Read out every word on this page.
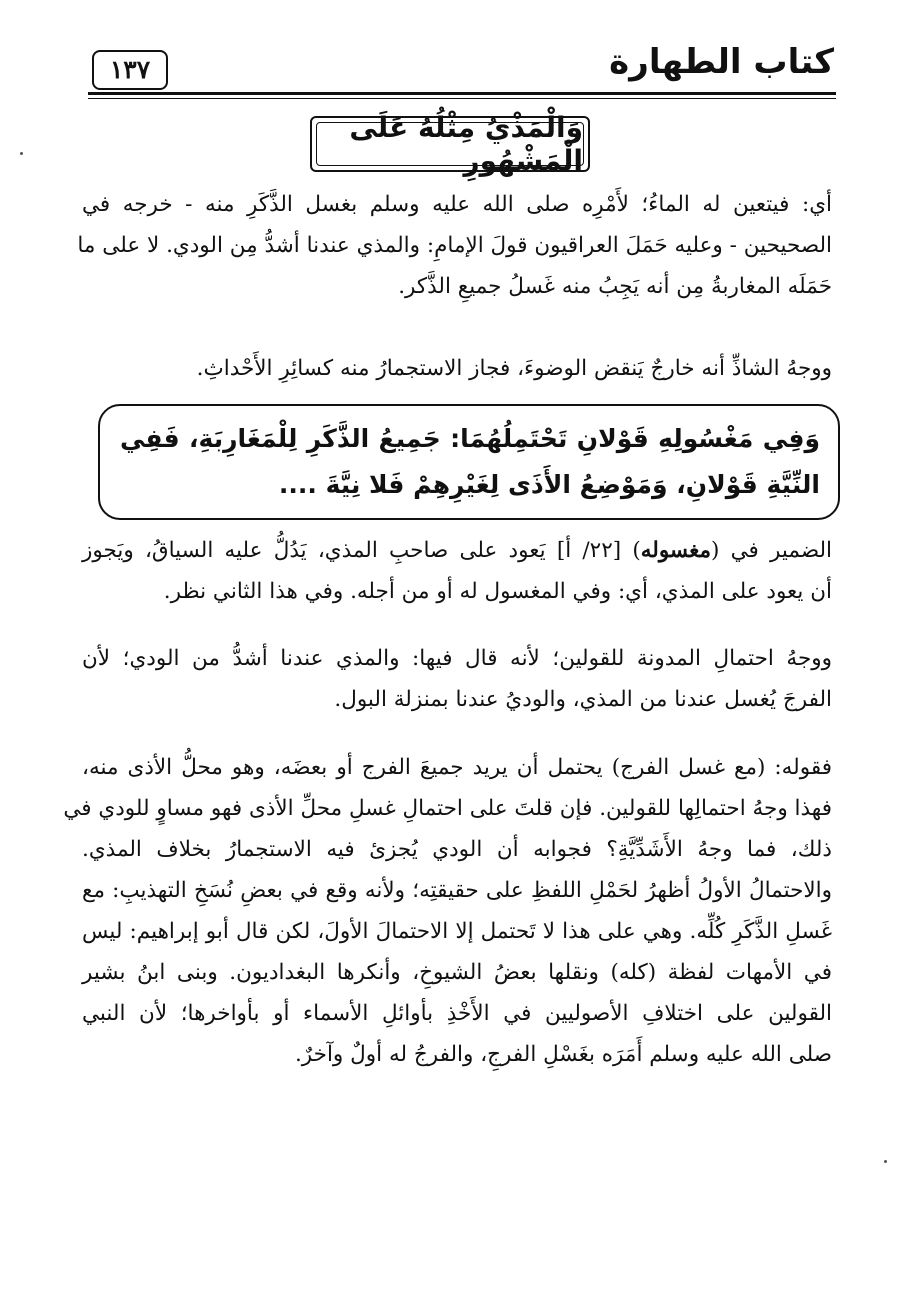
كتاب الطهارة
١٣٧
وَالْمَذْيُ مِثْلُهُ عَلَى الْمَشْهُورِ
أي: فيتعين له الماءُ؛ لأَمْرِه صلى الله عليه وسلم بغسل الذَّكَرِ منه - خرجه في
الصحيحين - وعليه حَمَلَ العراقيون قولَ الإمامِ: والمذي عندنا أشدُّ مِن الودي. لا على ما
حَمَلَه المغاربةُ مِن أنه يَجِبُ منه غَسلُ جميعِ الذَّكر.
ووجهُ الشاذِّ أنه خارجٌ يَنقض الوضوءَ، فجاز الاستجمارُ منه كسائِرِ الأَحْداثِ.
وَفِي مَغْسُولِهِ قَوْلانِ تَحْتَمِلُهُمَا: جَمِيعُ الذَّكَرِ لِلْمَغَارِبَةِ، فَفِي
النِّيَّةِ قَوْلانِ، وَمَوْضِعُ الأَذَى لِغَيْرِهِمْ فَلا نِيَّةَ ....
الضمير في (مغسوله) [٢٢/ أ] يَعود على صاحبِ المذي، يَدُلُّ عليه السياقُ، ويَجوز
أن يعود على المذي، أي: وفي المغسول له أو من أجله. وفي هذا الثاني نظر.
ووجهُ احتمالِ المدونة للقولين؛ لأنه قال فيها: والمذي عندنا أشدُّ من الودي؛ لأن
الفرجَ يُغسل عندنا من المذي، والوديُ عندنا بمنزلة البول.
فقوله: (مع غسل الفرج) يحتمل أن يريد جميعَ الفرج أو بعضَه، وهو محلُّ الأذى منه،
فهذا وجهُ احتمالِها للقولين. فإن قلتَ على احتمالِ غسلِ محلِّ الأذى فهو مساوٍ للودي في
ذلك، فما وجهُ الأَشَدِّيَّةِ؟ فجوابه أن الودي يُجزئ فيه الاستجمارُ بخلاف المذي.
والاحتمالُ الأولُ أظهرُ لحَمْلِ اللفظِ على حقيقتِه؛ ولأنه وقع في بعضِ نُسَخِ التهذيبِ: مع
غَسلِ الذَّكَرِ كُلِّه. وهي على هذا لا تَحتمل إلا الاحتمالَ الأولَ، لكن قال أبو إبراهيم: ليس
في الأمهات لفظة (كله) ونقلها بعضُ الشيوخِ، وأنكرها البغداديون. وبنى ابنُ بشير
القولين على اختلافِ الأصوليين في الأَخْذِ بأوائلِ الأسماء أو بأواخرها؛ لأن النبي
صلى الله عليه وسلم أَمَرَه بغَسْلِ الفرجِ، والفرجُ له أولٌ وآخرٌ.
